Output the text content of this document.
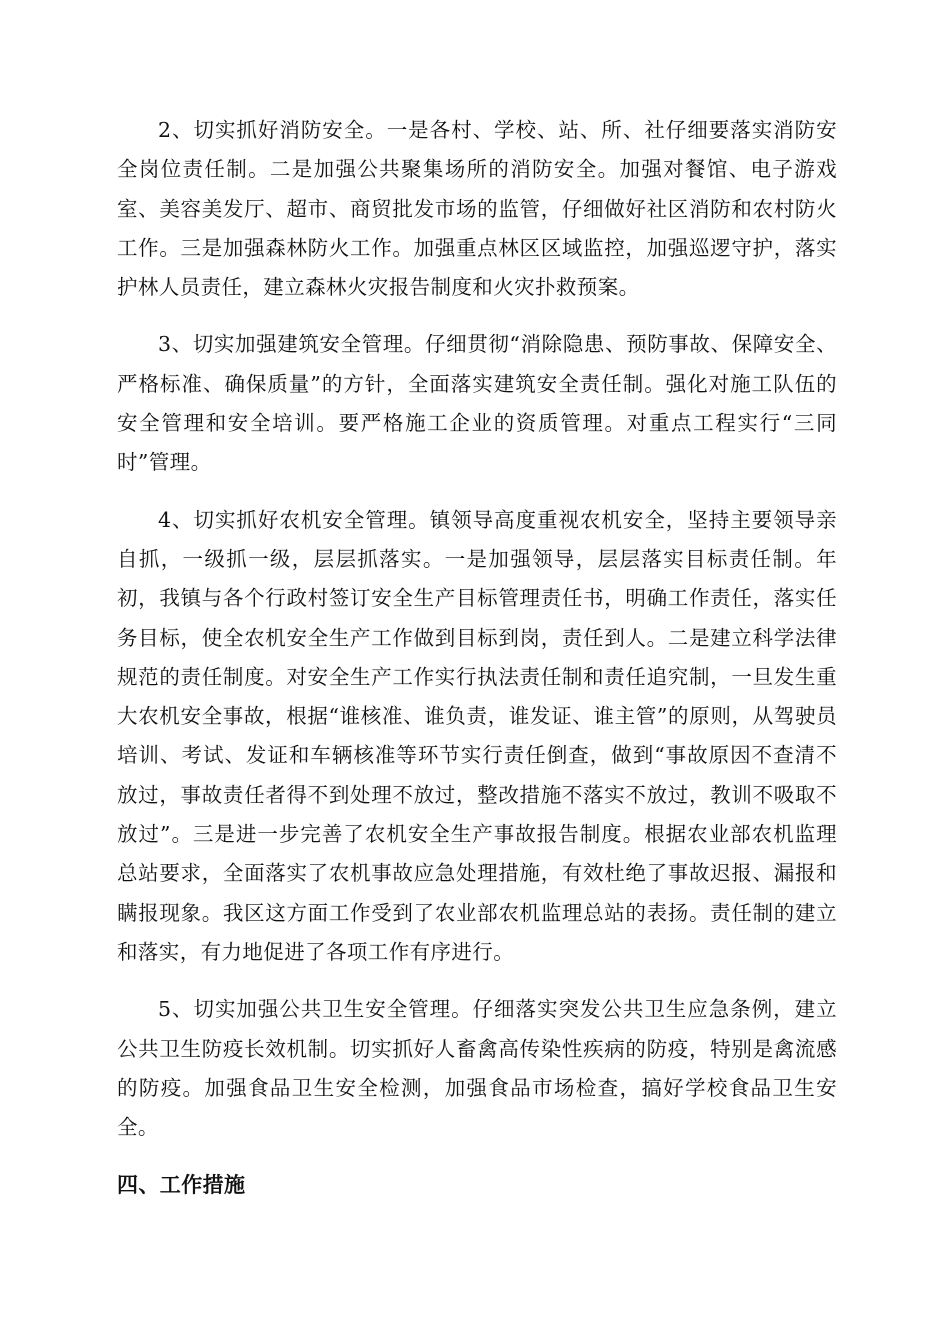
2、切实抓好消防安全。一是各村、学校、站、所、社仔细要落实消防安全岗位责任制。二是加强公共聚集场所的消防安全。加强对餐馆、电子游戏室、美容美发厅、超市、商贸批发市场的监管，仔细做好社区消防和农村防火工作。三是加强森林防火工作。加强重点林区区域监控，加强巡逻守护，落实护林人员责任，建立森林火灾报告制度和火灾扑救预案。

3、切实加强建筑安全管理。仔细贯彻“消除隐患、预防事故、保障安全、严格标准、确保质量”的方针，全面落实建筑安全责任制。强化对施工队伍的安全管理和安全培训。要严格施工企业的资质管理。对重点工程实行“三同时”管理。

4、切实抓好农机安全管理。镇领导高度重视农机安全，坚持主要领导亲自抓，一级抓一级，层层抓落实。一是加强领导，层层落实目标责任制。年初，我镇与各个行政村签订安全生产目标管理责任书，明确工作责任，落实任务目标，使全农机安全生产工作做到目标到岗，责任到人。二是建立科学法律规范的责任制度。对安全生产工作实行执法责任制和责任追究制，一旦发生重大农机安全事故，根据“谁核准、谁负责，谁发证、谁主管”的原则，从驾驶员培训、考试、发证和车辆核准等环节实行责任倒查，做到“事故原因不查清不放过，事故责任者得不到处理不放过，整改措施不落实不放过，教训不吸取不放过”。三是进一步完善了农机安全生产事故报告制度。根据农业部农机监理总站要求，全面落实了农机事故应急处理措施，有效杜绝了事故迟报、漏报和瞒报现象。我区这方面工作受到了农业部农机监理总站的表扬。责任制的建立和落实，有力地促进了各项工作有序进行。

5、切实加强公共卫生安全管理。仔细落实突发公共卫生应急条例，建立公共卫生防疫长效机制。切实抓好人畜禽高传染性疾病的防疫，特别是禽流感的防疫。加强食品卫生安全检测，加强食品市场检查，搞好学校食品卫生安全。

四、工作措施
